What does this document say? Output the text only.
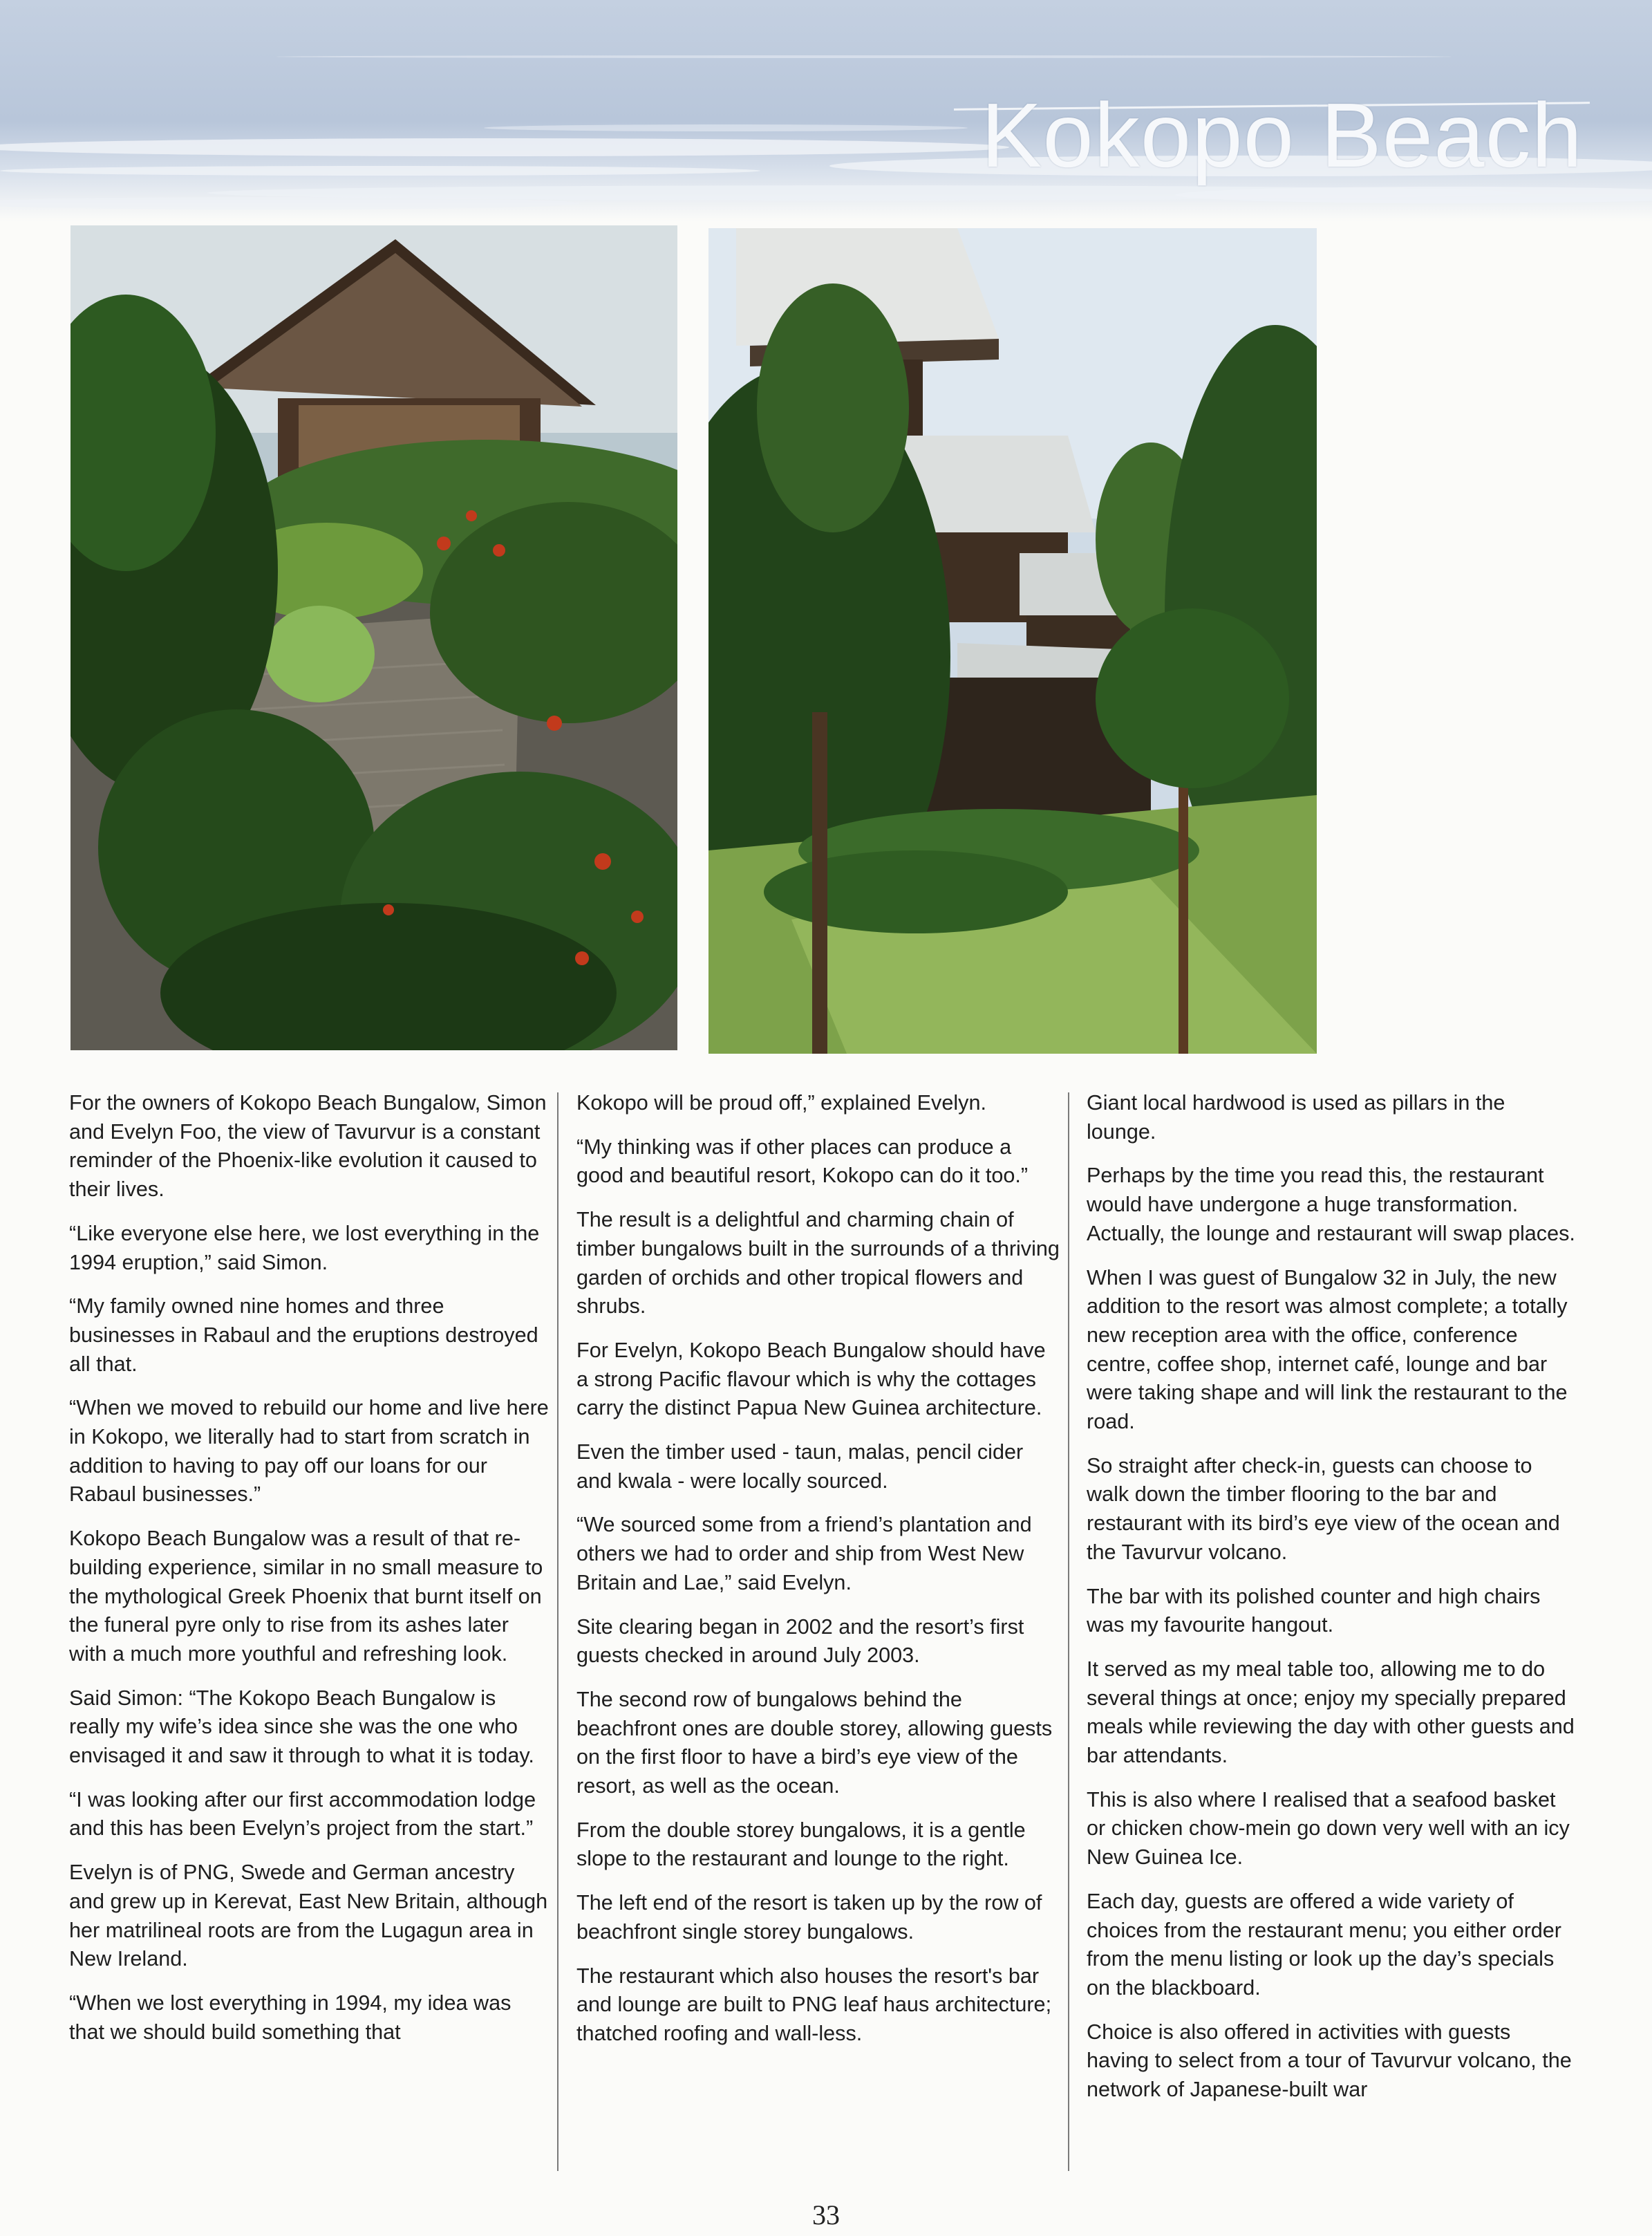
Kokopo Beach

For the owners of Kokopo Beach Bungalow, Simon and Evelyn Foo, the view of Tavurvur is a constant reminder of the Phoenix-like evolution it caused to their lives.

“Like everyone else here, we lost everything in the 1994 eruption,” said Simon.

“My family owned nine homes and three businesses in Rabaul and the eruptions destroyed all that.

“When we moved to rebuild our home and live here in Kokopo, we literally had to start from scratch in addition to having to pay off our loans for our Rabaul businesses.”

Kokopo Beach Bungalow was a result of that re-building experience, similar in no small measure to the mythological Greek Phoenix that burnt itself on the funeral pyre only to rise from its ashes later with a much more youthful and refreshing look.

Said Simon: “The Kokopo Beach Bungalow is really my wife’s idea since she was the one who envisaged it and saw it through to what it is today.

“I was looking after our first accommodation lodge and this has been Evelyn’s project from the start.”

Evelyn is of PNG, Swede and German ancestry and grew up in Kerevat, East New Britain, although her matrilineal roots are from the Lugagun area in New Ireland.

“When we lost everything in 1994, my idea was that we should build something that

Kokopo will be proud off,” explained Evelyn.

“My thinking was if other places can produce a good and beautiful resort, Kokopo can do it too.”

The result is a delightful and charming chain of timber bungalows built in the surrounds of a thriving garden of orchids and other tropical flowers and shrubs.

For Evelyn, Kokopo Beach Bungalow should have a strong Pacific flavour which is why the cottages carry the distinct Papua New Guinea architecture.

Even the timber used - taun, malas, pencil cider and kwala - were locally sourced.

“We sourced some from a friend’s plantation and others we had to order and ship from West New Britain and Lae,” said Evelyn.

Site clearing began in 2002 and the resort’s first guests checked in around July 2003.

The second row of bungalows behind the beachfront ones are double storey, allowing guests on the first floor to have a bird’s eye view of the resort, as well as the ocean.

From the double storey bungalows, it is a gentle slope to the restaurant and lounge to the right.

The left end of the resort is taken up by the row of beachfront single storey bungalows.

The restaurant which also houses the resort's bar and lounge are built to PNG leaf haus architecture; thatched roofing and wall-less.

Giant local hardwood is used as pillars in the lounge.

Perhaps by the time you read this, the restaurant would have undergone a huge transformation. Actually, the lounge and restaurant will swap places.

When I was guest of Bungalow 32 in July, the new addition to the resort was almost complete; a totally new reception area with the office, conference centre, coffee shop, internet café, lounge and bar were taking shape and will link the restaurant to the road.

So straight after check-in, guests can choose to walk down the timber flooring to the bar and restaurant with its bird’s eye view of the ocean and the Tavurvur volcano.

The bar with its polished counter and high chairs was my favourite hangout.

It served as my meal table too, allowing me to do several things at once; enjoy my specially prepared meals while reviewing the day with other guests and bar attendants.

This is also where I realised that a seafood basket or chicken chow-mein go down very well with an icy New Guinea Ice.

Each day, guests are offered a wide variety of choices from the restaurant menu; you either order from the menu listing or look up the day’s specials on the blackboard.

Choice is also offered in activities with guests having to select from a tour of Tavurvur volcano, the network of Japanese-built war

33
